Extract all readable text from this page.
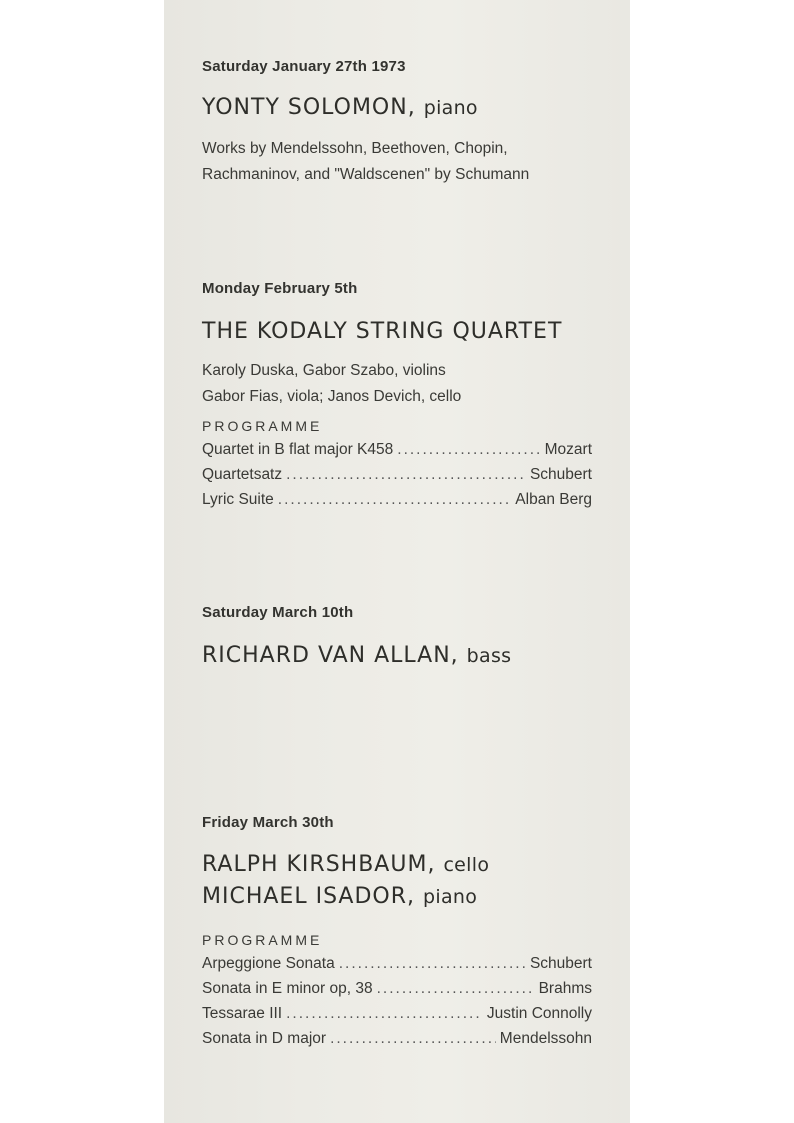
Saturday January 27th 1973

YONTY SOLOMON, piano

Works by Mendelssohn, Beethoven, Chopin,

Rachmaninov, and "Waldscenen" by Schumann

Monday February 5th

THE KODALY STRING QUARTET

Karoly Duska, Gabor Szabo, violins

Gabor Fias, viola; Janos Devich, cello

PROGRAMME

Quartet in B flat major K458 .....	Mozart
Quartetsatz .....	Schubert
Lyric Suite .....	Alban Berg

Saturday March 10th

RICHARD VAN ALLAN, bass

Friday March 30th

RALPH KIRSHBAUM, cello

MICHAEL ISADOR, piano

PROGRAMME

Arpeggione Sonata .....	Schubert
Sonata in E minor op, 38 .....	Brahms
Tessarae III .....	Justin Connolly
Sonata in D major .....	Mendelssohn
